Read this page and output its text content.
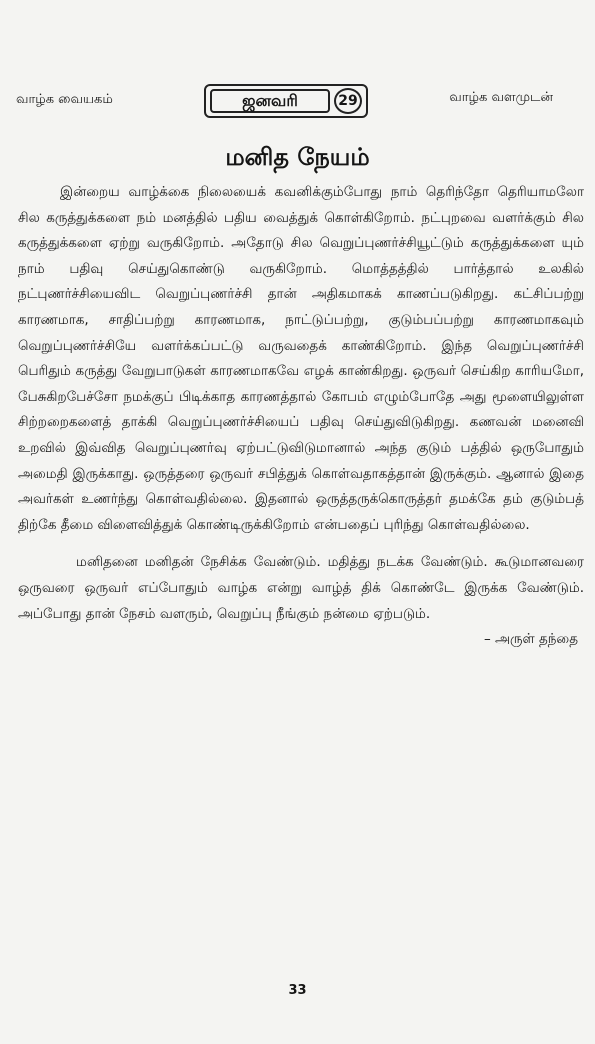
வாழ்க வையகம்	ஜனவரி	29	வாழ்க வளமுடன்
மனித நேயம்

இன்றைய வாழ்க்கை நிலையைக் கவனிக்கும்போது நாம் தெரிந்தோ தெரியாமலோ சில கருத்துக்களை நம் மனத்தில் பதிய வைத்துக் கொள்கிறோம். நட்புறவை வளர்க்கும் சில கருத்துக்களை ஏற்று வருகிறோம். அதோடு சில வெறுப்புணர்ச்சியூட்டும் கருத்துக்களை யும் நாம் பதிவு செய்துகொண்டு வருகிறோம். மொத்தத்தில் பார்த்தால் உலகில் நட்புணர்ச்சியைவிட வெறுப்புணர்ச்சி தான் அதிகமாகக் காணப்படுகிறது. கட்சிப்பற்று காரணமாக, சாதிப்பற்று காரணமாக, நாட்டுப்பற்று, குடும்பப்பற்று காரணமாகவும் வெறுப்புணர்ச்சியே வளர்க்கப்பட்டு வருவதைக் காண்கிறோம். இந்த வெறுப்புணர்ச்சி பெரிதும் கருத்து வேறுபாடுகள் காரணமாகவே எழக் காண்கிறது. ஒருவர் செய்கிற காரியமோ, பேசுகிறபேச்சோ நமக்குப் பிடிக்காத காரணத்தால் கோபம் எழும்போதே அது மூளையிலுள்ள சிற்றறைகளைத் தாக்கி வெறுப்புணர்ச்சியைப் பதிவு செய்துவிடுகிறது. கணவன் மனைவி உறவில் இவ்வித வெறுப்புணர்வு ஏற்பட்டுவிடுமானால் அந்த குடும் பத்தில் ஒருபோதும் அமைதி இருக்காது. ஒருத்தரை ஒருவர் சபித்துக் கொள்வதாகத்தான் இருக்கும். ஆனால் இதை அவர்கள் உணர்ந்து கொள்வதில்லை. இதனால் ஒருத்தருக்கொருத்தர் தமக்கே தம் குடும்பத் திற்கே தீமை விளைவித்துக் கொண்டிருக்கிறோம் என்பதைப் புரிந்து கொள்வதில்லை.

மனிதனை மனிதன் நேசிக்க வேண்டும். மதித்து நடக்க வேண்டும். கூடுமானவரை ஒருவரை ஒருவர் எப்போதும் வாழ்க என்று வாழ்த் திக் கொண்டே இருக்க வேண்டும். அப்போது தான் நேசம் வளரும், வெறுப்பு நீங்கும் நன்மை ஏற்படும்.

– அருள் தந்தை
33
